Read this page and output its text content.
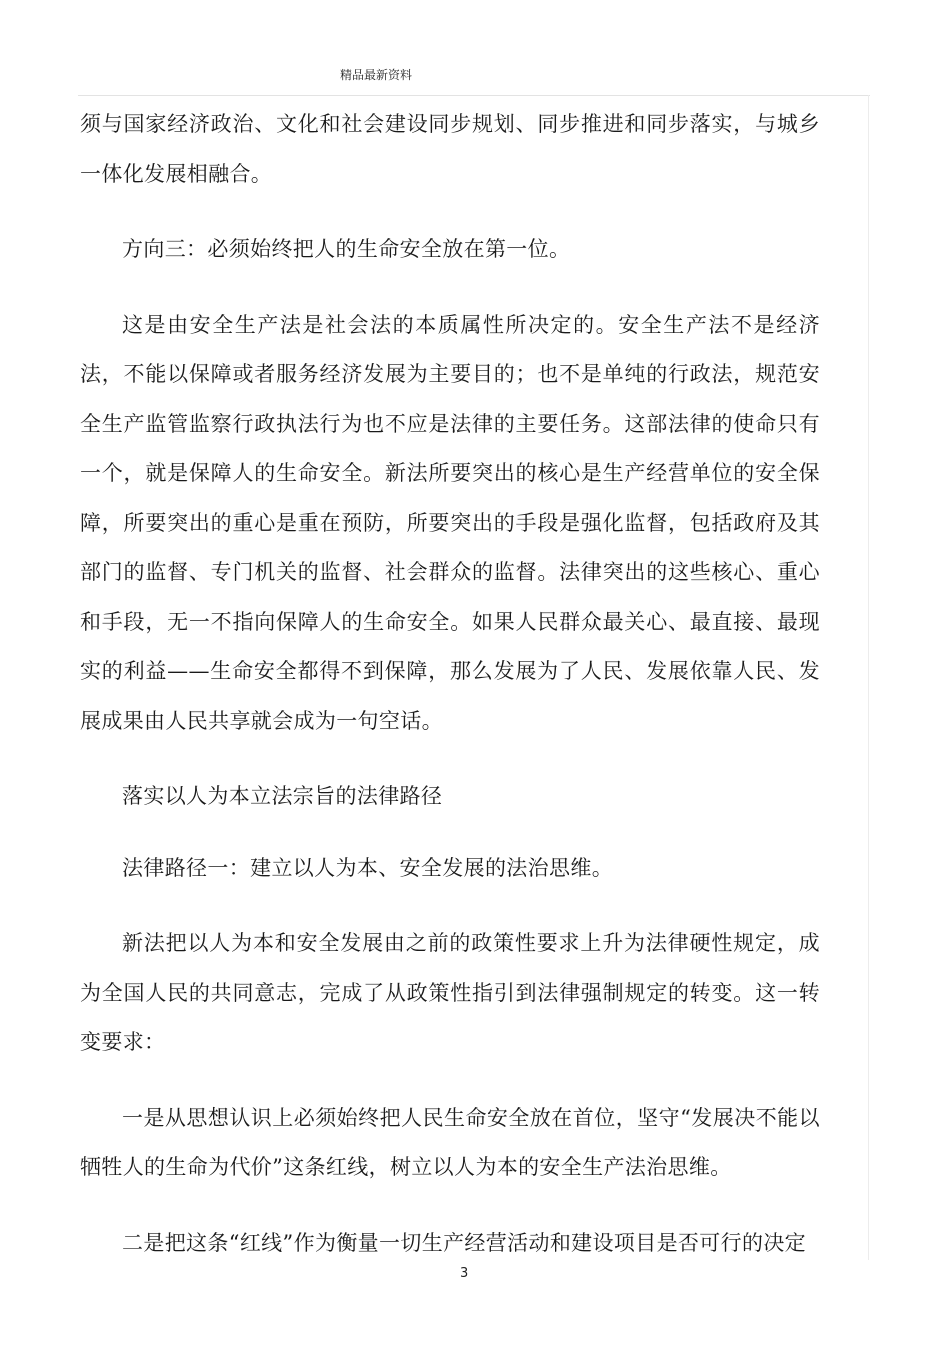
精品最新资料

须与国家经济政治、文化和社会建设同步规划、同步推进和同步落实，与城乡一体化发展相融合。

方向三：必须始终把人的生命安全放在第一位。

这是由安全生产法是社会法的本质属性所决定的。安全生产法不是经济法，不能以保障或者服务经济发展为主要目的；也不是单纯的行政法，规范安全生产监管监察行政执法行为也不应是法律的主要任务。这部法律的使命只有一个，就是保障人的生命安全。新法所要突出的核心是生产经营单位的安全保障，所要突出的重心是重在预防，所要突出的手段是强化监督，包括政府及其部门的监督、专门机关的监督、社会群众的监督。法律突出的这些核心、重心和手段，无一不指向保障人的生命安全。如果人民群众最关心、最直接、最现实的利益——生命安全都得不到保障，那么发展为了人民、发展依靠人民、发展成果由人民共享就会成为一句空话。

落实以人为本立法宗旨的法律路径

法律路径一：建立以人为本、安全发展的法治思维。

新法把以人为本和安全发展由之前的政策性要求上升为法律硬性规定，成为全国人民的共同意志，完成了从政策性指引到法律强制规定的转变。这一转变要求：

一是从思想认识上必须始终把人民生命安全放在首位，坚守“发展决不能以牺牲人的生命为代价”这条红线，树立以人为本的安全生产法治思维。

二是把这条“红线”作为衡量一切生产经营活动和建设项目是否可行的决定

3
